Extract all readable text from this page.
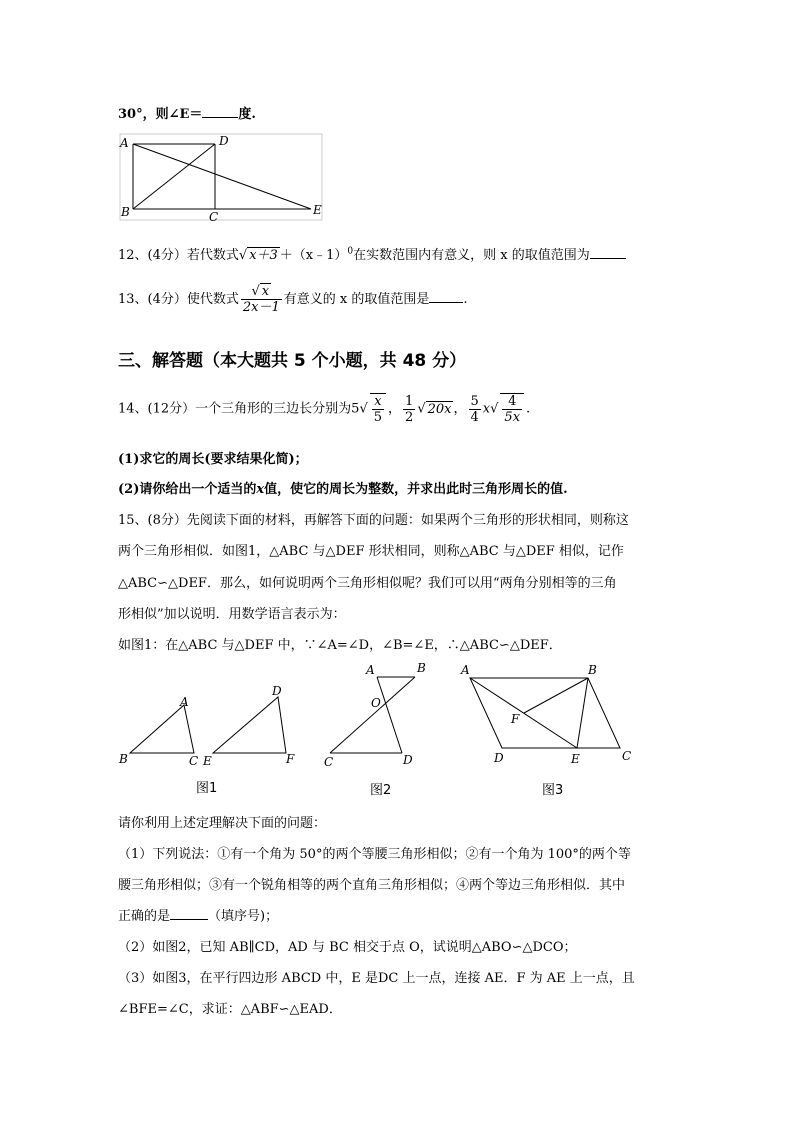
30°，则∠E＝	度.
A	D
B	C	E
12、(4分）若代数式√ x＋3 ＋（x﹣1）$^0$在实数范围内有意义，则 x 的取值范围为
13、(4分）使代数式 $\frac{√ x}{2x-1}$ 有意义的 x 的取值范围是	.
三、解答题（本大题共 5 个小题，共 48 分）
14、(12分）一个三角形的三边长分别为$5√ \frac{x}{5}$ ， $\frac{1}{2}$ √ 20x ， $\frac{5}{4} x√ \frac{4}{5x}$ .
(1)求它的周长(要求结果化简)；
(2)请你给出一个适当的x值，使它的周长为整数，并求出此时三角形周长的值.
15、(8分）先阅读下面的材料，再解答下面的问题：如果两个三角形的形状相同，则称这
两个三角形相似．如图1，△ABC 与△DEF 形状相同，则称△ABC 与△DEF 相似，记作
△ABC∽△DEF．那么，如何说明两个三角形相似呢？我们可以用“两角分别相等的三角
形相似”加以说明．用数学语言表示为：
如图1：在△ABC 与△DEF 中，∵∠A=∠D，∠B=∠E，∴△ABC∽△DEF．
A
B	C
D
E	F
图1
A	B
O
C	D
图2
A	B
F
D	E	C
图3
请你利用上述定理解决下面的问题：
（1）下列说法：①有一个角为 50°的两个等腰三角形相似；②有一个角为 100°的两个等
腰三角形相似；③有一个锐角相等的两个直角三角形相似；④两个等边三角形相似．其中
正确的是	（填序号)；
（2）如图2，已知 AB∥CD，AD 与 BC 相交于点 O，试说明△ABO∽△DCO；
（3）如图3，在平行四边形 ABCD 中，E 是DC 上一点，连接 AE．F 为 AE 上一点，且
∠BFE=∠C，求证：△ABF∽△EAD．
